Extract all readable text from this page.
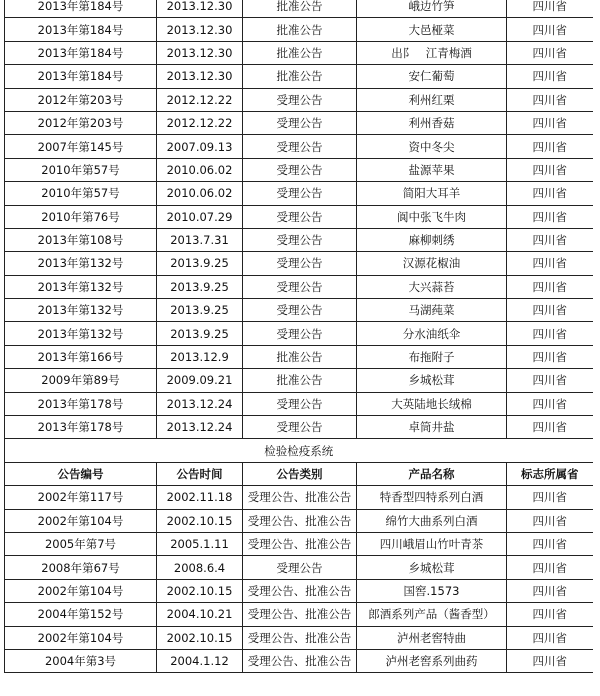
2013年第184号	2013.12.30	批准公告	峨边竹笋	四川省
2013年第184号	2013.12.30	批准公告	大邑桠菜	四川省
2013年第184号	2013.12.30	批准公告	出阝　江青梅酒	四川省
2013年第184号	2013.12.30	批准公告	安仁葡萄	四川省
2012年第203号	2012.12.22	受理公告	利州红栗	四川省
2012年第203号	2012.12.22	受理公告	利州香菇	四川省
2007年第145号	2007.09.13	受理公告	资中冬尖	四川省
2010年第57号	2010.06.02	受理公告	盐源苹果	四川省
2010年第57号	2010.06.02	受理公告	简阳大耳羊	四川省
2010年第76号	2010.07.29	受理公告	阆中张飞牛肉	四川省
2013年第108号	2013.7.31	受理公告	麻柳刺绣	四川省
2013年第132号	2013.9.25	受理公告	汉源花椒油	四川省
2013年第132号	2013.9.25	受理公告	大兴蒜苔	四川省
2013年第132号	2013.9.25	受理公告	马湖莼菜	四川省
2013年第132号	2013.9.25	受理公告	分水油纸伞	四川省
2013年第166号	2013.12.9	批准公告	布拖附子	四川省
2009年第89号	2009.09.21	批准公告	乡城松茸	四川省
2013年第178号	2013.12.24	受理公告	大英陆地长绒棉	四川省
2013年第178号	2013.12.24	受理公告	卓筒井盐	四川省
检验检疫系统				
公告编号	公告时间	公告类别	产品名称	标志所属省
2002年第117号	2002.11.18	受理公告、批准公告	特香型四特系列白酒	四川省
2002年第104号	2002.10.15	受理公告、批准公告	绵竹大曲系列白酒	四川省
2005年第7号	2005.1.11	受理公告、批准公告	四川峨眉山竹叶青茶	四川省
2008年第67号	2008.6.4	受理公告	乡城松茸	四川省
2002年第104号	2002.10.15	受理公告、批准公告	国窖.1573	四川省
2004年第152号	2004.10.21	受理公告、批准公告	郎酒系列产品（酱香型）	四川省
2002年第104号	2002.10.15	受理公告、批准公告	泸州老窖特曲	四川省
2004年第3号	2004.1.12	受理公告、批准公告	泸州老窖系列曲药	四川省
